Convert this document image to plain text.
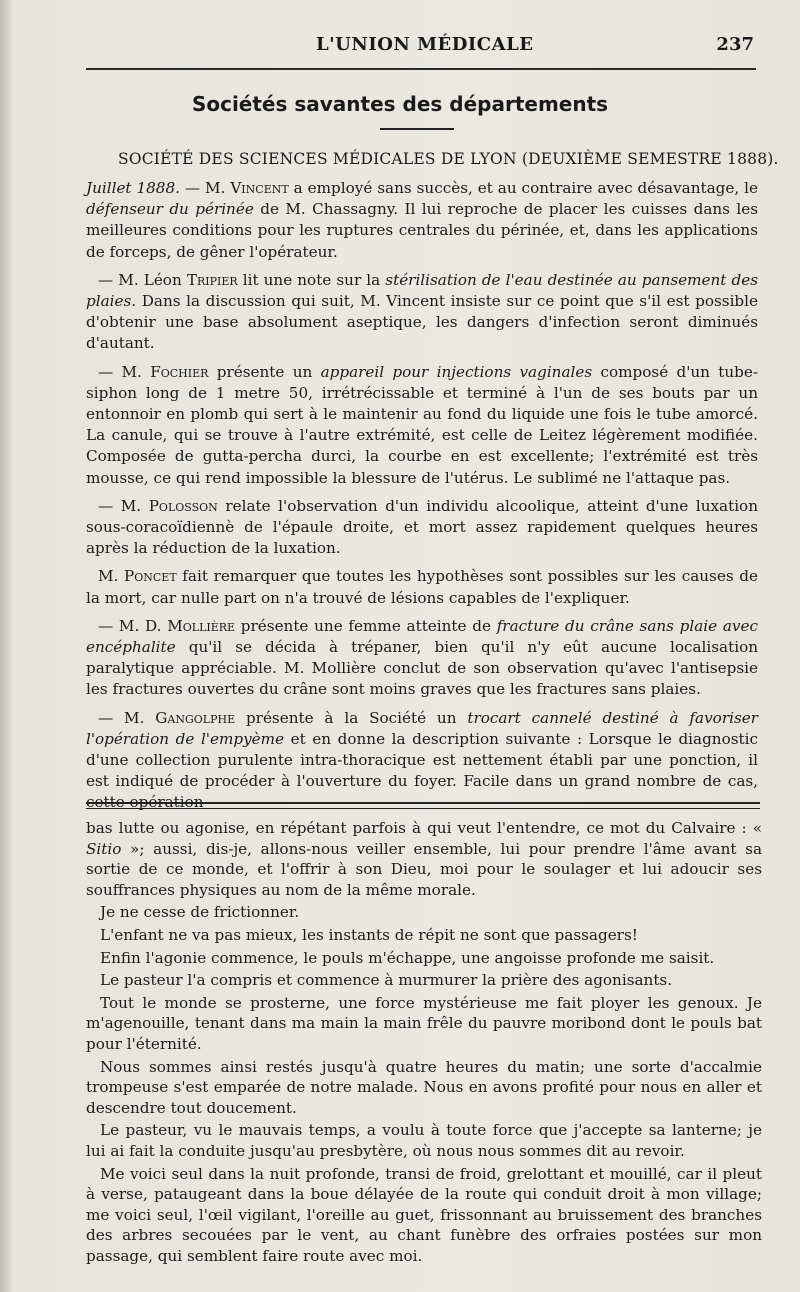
L'UNION MÉDICALE	237
Sociétés savantes des départements
SOCIÉTÉ DES SCIENCES MÉDICALES DE LYON (DEUXIÈME SEMESTRE 1888).

Juillet 1888. — M. Vincent a employé sans succès, et au contraire avec désavantage, le défenseur du périnée de M. Chassagny. Il lui reproche de placer les cuisses dans les meilleures conditions pour les ruptures centrales du périnée, et, dans les applications de forceps, de gêner l'opérateur.

— M. Léon Tripier lit une note sur la stérilisation de l'eau destinée au pansement des plaies. Dans la discussion qui suit, M. Vincent insiste sur ce point que s'il est possible d'obtenir une base absolument aseptique, les dangers d'infection seront diminués d'autant.

— M. Fochier présente un appareil pour injections vaginales composé d'un tube-siphon long de 1 metre 50, irrétrécissable et terminé à l'un de ses bouts par un entonnoir en plomb qui sert à le maintenir au fond du liquide une fois le tube amorcé. La canule, qui se trouve à l'autre extrémité, est celle de Leitez légèrement modifiée. Composée de gutta-percha durci, la courbe en est excellente; l'extrémité est très mousse, ce qui rend impossible la blessure de l'utérus. Le sublimé ne l'attaque pas.

— M. Polosson relate l'observation d'un individu alcoolique, atteint d'une luxation sous-coracoïdiennè de l'épaule droite, et mort assez rapidement quelques heures après la réduction de la luxation.

M. Poncet fait remarquer que toutes les hypothèses sont possibles sur les causes de la mort, car nulle part on n'a trouvé de lésions capables de l'expliquer.

— M. D. Mollière présente une femme atteinte de fracture du crâne sans plaie avec encéphalite qu'il se décida à trépaner, bien qu'il n'y eût aucune localisation paralytique appréciable. M. Mollière conclut de son observation qu'avec l'antisepsie les fractures ouvertes du crâne sont moins graves que les fractures sans plaies.

— M. Gangolphe présente à la Société un trocart cannelé destiné à favoriser l'opération de l'empyème et en donne la description suivante : Lorsque le diagnostic d'une collection purulente intra-thoracique est nettement établi par une ponction, il est indiqué de procéder à l'ouverture du foyer. Facile dans un grand nombre de cas, cette opération

bas lutte ou agonise, en répétant parfois à qui veut l'entendre, ce mot du Calvaire : « Sitio »; aussi, dis-je, allons-nous veiller ensemble, lui pour prendre l'âme avant sa sortie de ce monde, et l'offrir à son Dieu, moi pour le soulager et lui adoucir ses souffrances physiques au nom de la même morale.

Je ne cesse de frictionner.

L'enfant ne va pas mieux, les instants de répit ne sont que passagers!

Enfin l'agonie commence, le pouls m'échappe, une angoisse profonde me saisit.

Le pasteur l'a compris et commence à murmurer la prière des agonisants.

Tout le monde se prosterne, une force mystérieuse me fait ployer les genoux. Je m'agenouille, tenant dans ma main la main frêle du pauvre moribond dont le pouls bat pour l'éternité.

Nous sommes ainsi restés jusqu'à quatre heures du matin; une sorte d'accalmie trompeuse s'est emparée de notre malade. Nous en avons profité pour nous en aller et descendre tout doucement.

Le pasteur, vu le mauvais temps, a voulu à toute force que j'accepte sa lanterne; je lui ai fait la conduite jusqu'au presbytère, où nous nous sommes dit au revoir.

Me voici seul dans la nuit profonde, transi de froid, grelottant et mouillé, car il pleut à verse, pataugeant dans la boue délayée de la route qui conduit droit à mon village; me voici seul, l'œil vigilant, l'oreille au guet, frissonnant au bruissement des branches des arbres secouées par le vent, au chant funèbre des orfraies postées sur mon passage, qui semblent faire route avec moi.
